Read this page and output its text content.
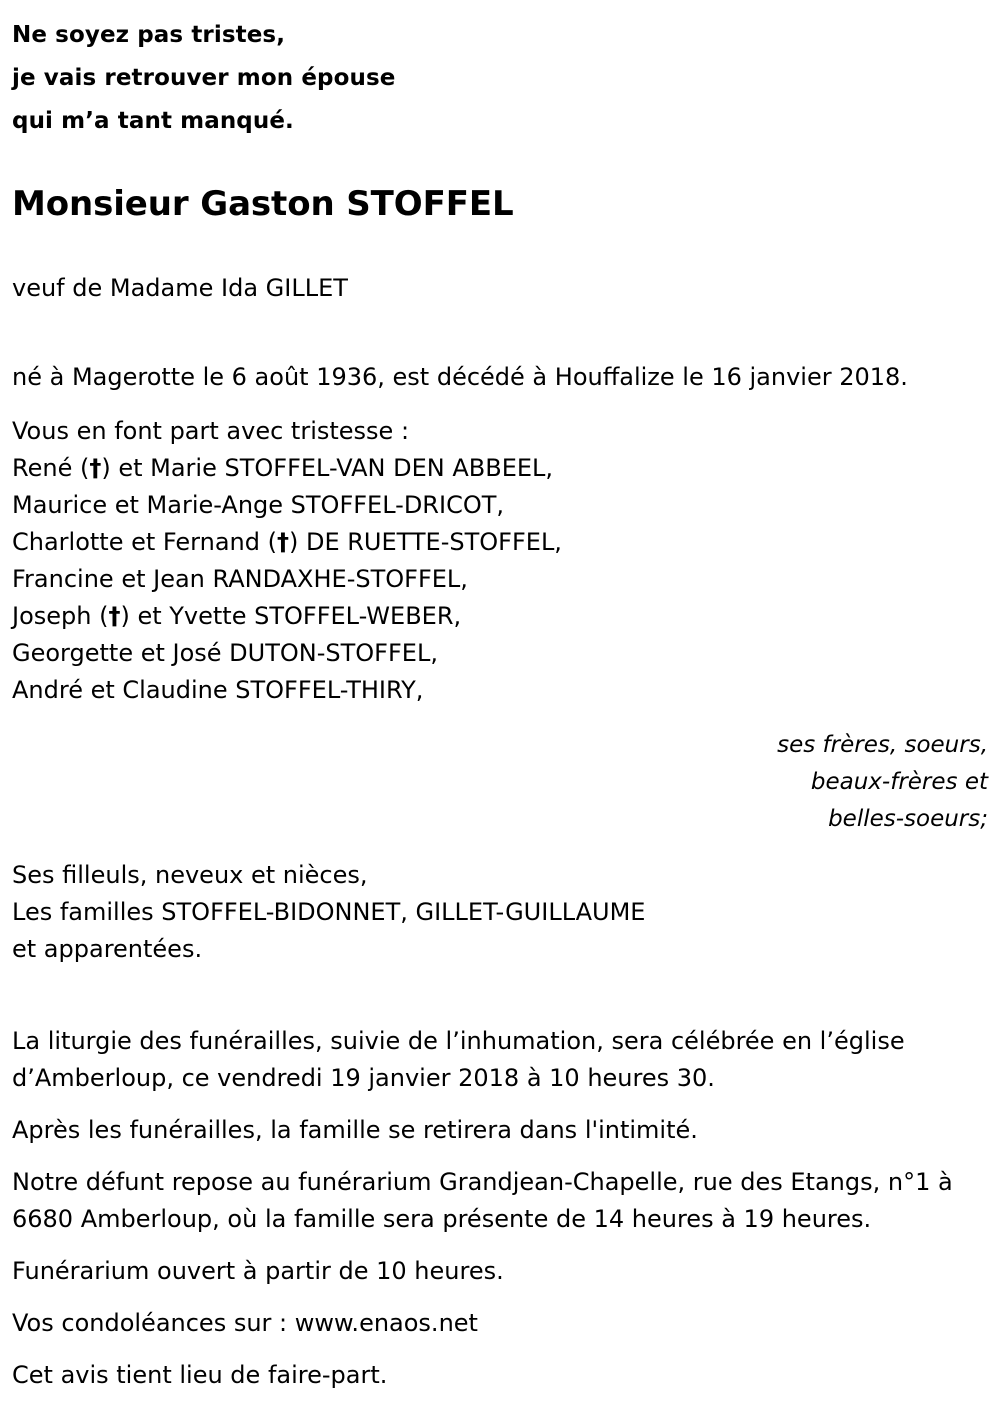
Ne soyez pas tristes,
je vais retrouver mon épouse
qui m’a tant manqué.
Monsieur Gaston STOFFEL
veuf de Madame Ida GILLET
né à Magerotte le 6 août 1936, est décédé à Houffalize le 16 janvier 2018.
Vous en font part avec tristesse :
René (†) et Marie STOFFEL-VAN DEN ABBEEL,
Maurice et Marie-Ange STOFFEL-DRICOT,
Charlotte et Fernand (†) DE RUETTE-STOFFEL,
Francine et Jean RANDAXHE-STOFFEL,
Joseph (†) et Yvette STOFFEL-WEBER,
Georgette et José DUTON-STOFFEL,
André et Claudine STOFFEL-THIRY,
ses frères, soeurs,
beaux-frères et
belles-soeurs;
Ses filleuls, neveux et nièces,
Les familles STOFFEL-BIDONNET, GILLET-GUILLAUME
et apparentées.

La liturgie des funérailles, suivie de l’inhumation, sera célébrée en l’église d’Amberloup, ce vendredi 19 janvier 2018 à 10 heures 30.

Après les funérailles, la famille se retirera dans l'intimité.

Notre défunt repose au funérarium Grandjean-Chapelle, rue des Etangs, n°1 à 6680 Amberloup, où la famille sera présente de 14 heures à 19 heures.

Funérarium ouvert à partir de 10 heures.

Vos condoléances sur : www.enaos.net

Cet avis tient lieu de faire-part.
